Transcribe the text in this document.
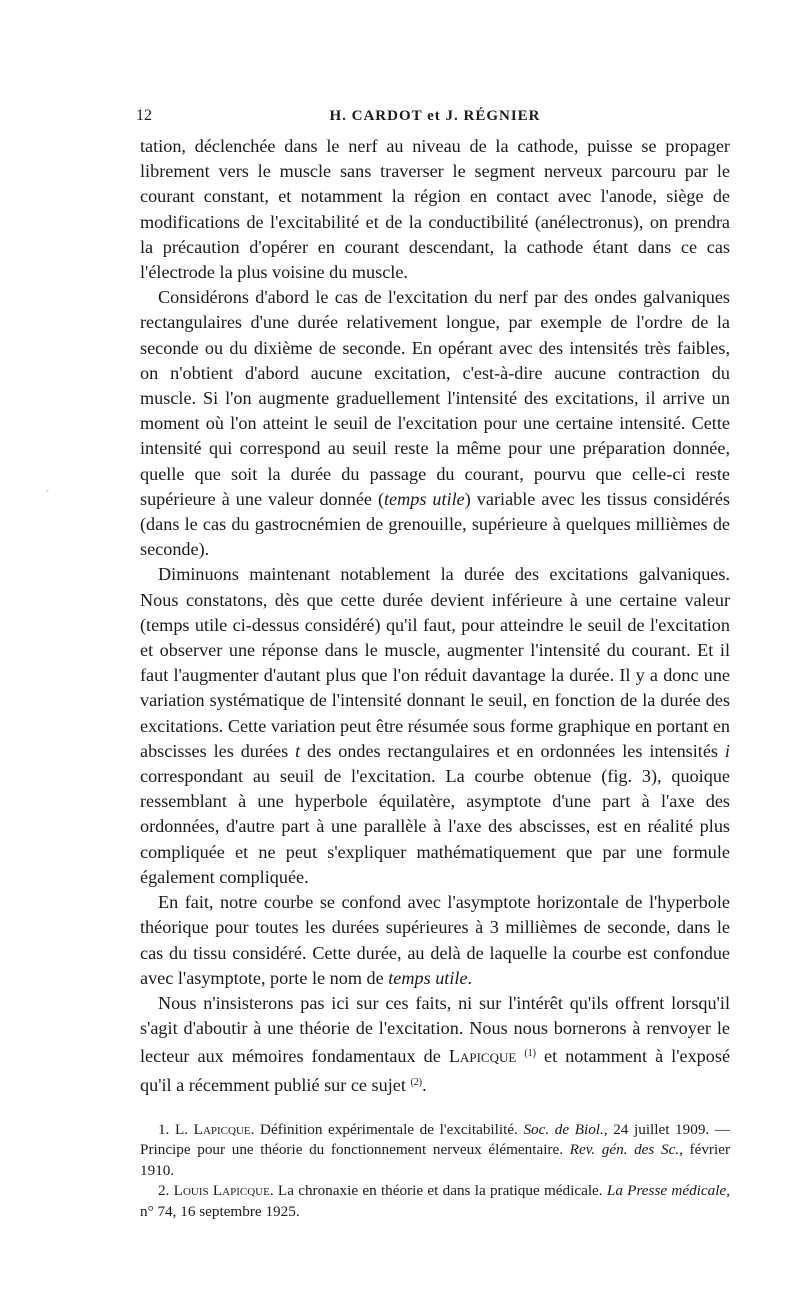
12	H. CARDOT et J. RÉGNIER

tation, déclenchée dans le nerf au niveau de la cathode, puisse se propager librement vers le muscle sans traverser le segment nerveux parcouru par le courant constant, et notamment la région en contact avec l'anode, siège de modifications de l'excitabilité et de la conductibilité (anélectronus), on prendra la précaution d'opérer en courant descendant, la cathode étant dans ce cas l'électrode la plus voisine du muscle.

Considérons d'abord le cas de l'excitation du nerf par des ondes galvaniques rectangulaires d'une durée relativement longue, par exemple de l'ordre de la seconde ou du dixième de seconde. En opérant avec des intensités très faibles, on n'obtient d'abord aucune excitation, c'est-à-dire aucune contraction du muscle. Si l'on augmente graduellement l'intensité des excitations, il arrive un moment où l'on atteint le seuil de l'excitation pour une certaine intensité. Cette intensité qui correspond au seuil reste la même pour une préparation donnée, quelle que soit la durée du passage du courant, pourvu que celle-ci reste supérieure à une valeur donnée (temps utile) variable avec les tissus considérés (dans le cas du gastrocnémien de grenouille, supérieure à quelques millièmes de seconde).

Diminuons maintenant notablement la durée des excitations galvaniques. Nous constatons, dès que cette durée devient inférieure à une certaine valeur (temps utile ci-dessus considéré) qu'il faut, pour atteindre le seuil de l'excitation et observer une réponse dans le muscle, augmenter l'intensité du courant. Et il faut l'augmenter d'autant plus que l'on réduit davantage la durée. Il y a donc une variation systématique de l'intensité donnant le seuil, en fonction de la durée des excitations. Cette variation peut être résumée sous forme graphique en portant en abscisses les durées t des ondes rectangulaires et en ordonnées les intensités i correspondant au seuil de l'excitation. La courbe obtenue (fig. 3), quoique ressemblant à une hyperbole équilatère, asymptote d'une part à l'axe des ordonnées, d'autre part à une parallèle à l'axe des abscisses, est en réalité plus compliquée et ne peut s'expliquer mathématiquement que par une formule également compliquée.

En fait, notre courbe se confond avec l'asymptote horizontale de l'hyperbole théorique pour toutes les durées supérieures à 3 millièmes de seconde, dans le cas du tissu considéré. Cette durée, au delà de laquelle la courbe est confondue avec l'asymptote, porte le nom de temps utile.

Nous n'insisterons pas ici sur ces faits, ni sur l'intérêt qu'ils offrent lorsqu'il s'agit d'aboutir à une théorie de l'excitation. Nous nous bornerons à renvoyer le lecteur aux mémoires fondamentaux de Lapicque $^{(1)}$ et notamment à l'exposé qu'il a récemment publié sur ce sujet $^{(2)}$.

1. L. Lapicque. Définition expérimentale de l'excitabilité. Soc. de Biol., 24 juillet 1909. — Principe pour une théorie du fonctionnement nerveux élémentaire. Rev. gén. des Sc., février 1910.

2. Louis Lapicque. La chronaxie en théorie et dans la pratique médicale. La Presse médicale, n° 74, 16 septembre 1925.

ˏ
